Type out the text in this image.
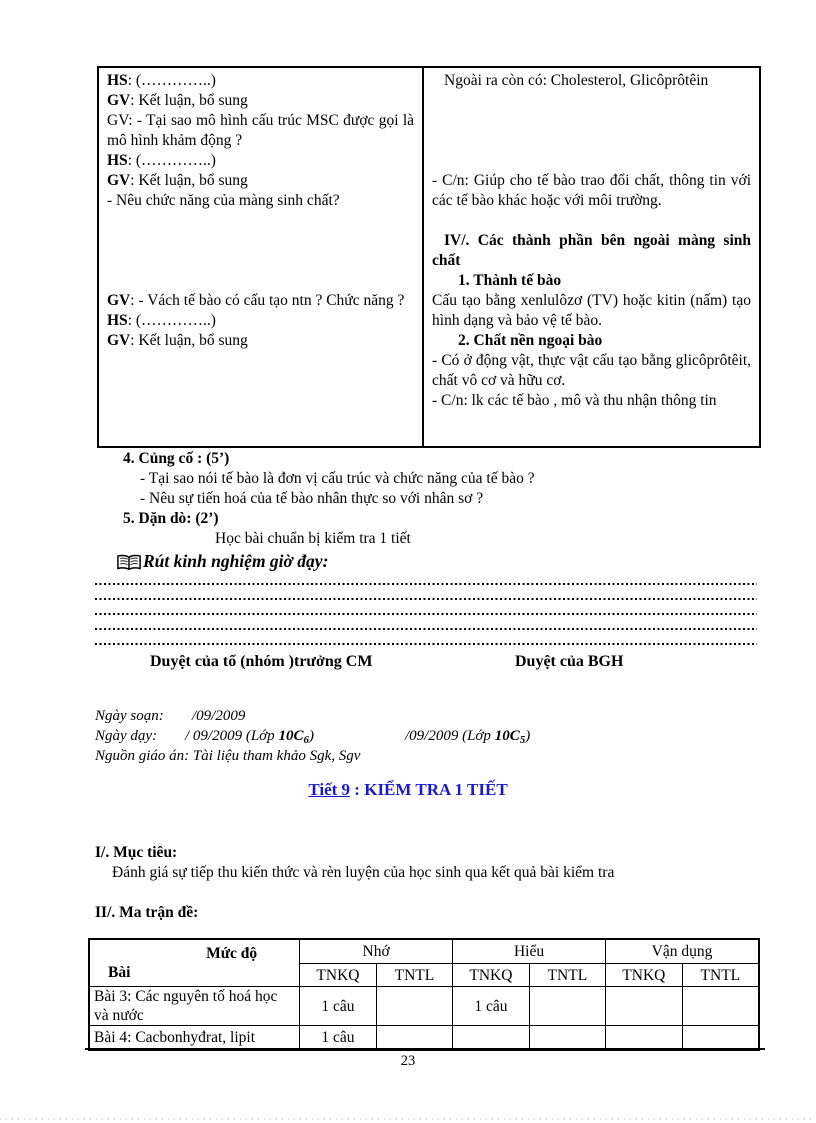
HS: (…………..)

GV: Kết luận, bổ sung

GV: - Tại sao mô hình cấu trúc MSC được gọi là mô hình khảm động ?

HS: (…………..)

GV: Kết luận, bổ sung

- Nêu chức năng của màng sinh chất?

GV: - Vách tế bào có cấu tạo ntn ? Chức năng ?

HS: (…………..)

GV: Kết luận, bổ sung

Ngoài ra còn có: Cholesterol, Glicôprôtêin

- C/n: Giúp cho tế bào trao đổi chất, thông tin với các tế bào khác hoặc với môi trường.

IV/. Các thành phần bên ngoài màng sinh chất

1. Thành tế bào

Cấu tạo bằng xenlulôzơ (TV) hoặc kitin (nấm) tạo hình dạng và bảo vệ tế bào.

2. Chất nền ngoại bào

- Có ở động vật, thực vật cấu tạo bằng glicôprôtêit, chất vô cơ và hữu cơ.

- C/n: lk các tế bào , mô và thu nhận thông tin

4. Củng cố : (5’)

- Tại sao nói tế bào là đơn vị cấu trúc và chức năng của tế bào ?

- Nêu sự tiến hoá của tế bào nhân thực so với nhân sơ ?

5. Dặn dò: (2’)

Học bài chuẩn bị kiểm tra 1 tiết

Rút kinh nghiệm giờ đạy:

Duyệt của tổ (nhóm )trưởng CM	Duyệt của BGH
Ngày soạn: /09/2009
Ngày dạy: / 09/2009 (Lớp $10C_6$)	/09/2009 (Lớp $10C_5$)
Nguồn giáo án: Tài liệu tham khảo Sgk, Sgv
Tiết 9 : KIỂM TRA 1 TIẾT

I/. Mục tiêu:

Đánh giá sự tiếp thu kiến thức và rèn luyện của học sinh qua kết quả bài kiểm tra

II/. Ma trận đề:

Mức độ
Bài	Nhớ		Hiểu		Vận dụng	
	TNKQ	TNTL	TNKQ	TNTL	TNKQ	TNTL
Bài 3: Các nguyên tố hoá học và nước	1 câu		1 câu			
Bài 4: Cacbonhyđrat, lipit	1 câu					
23
